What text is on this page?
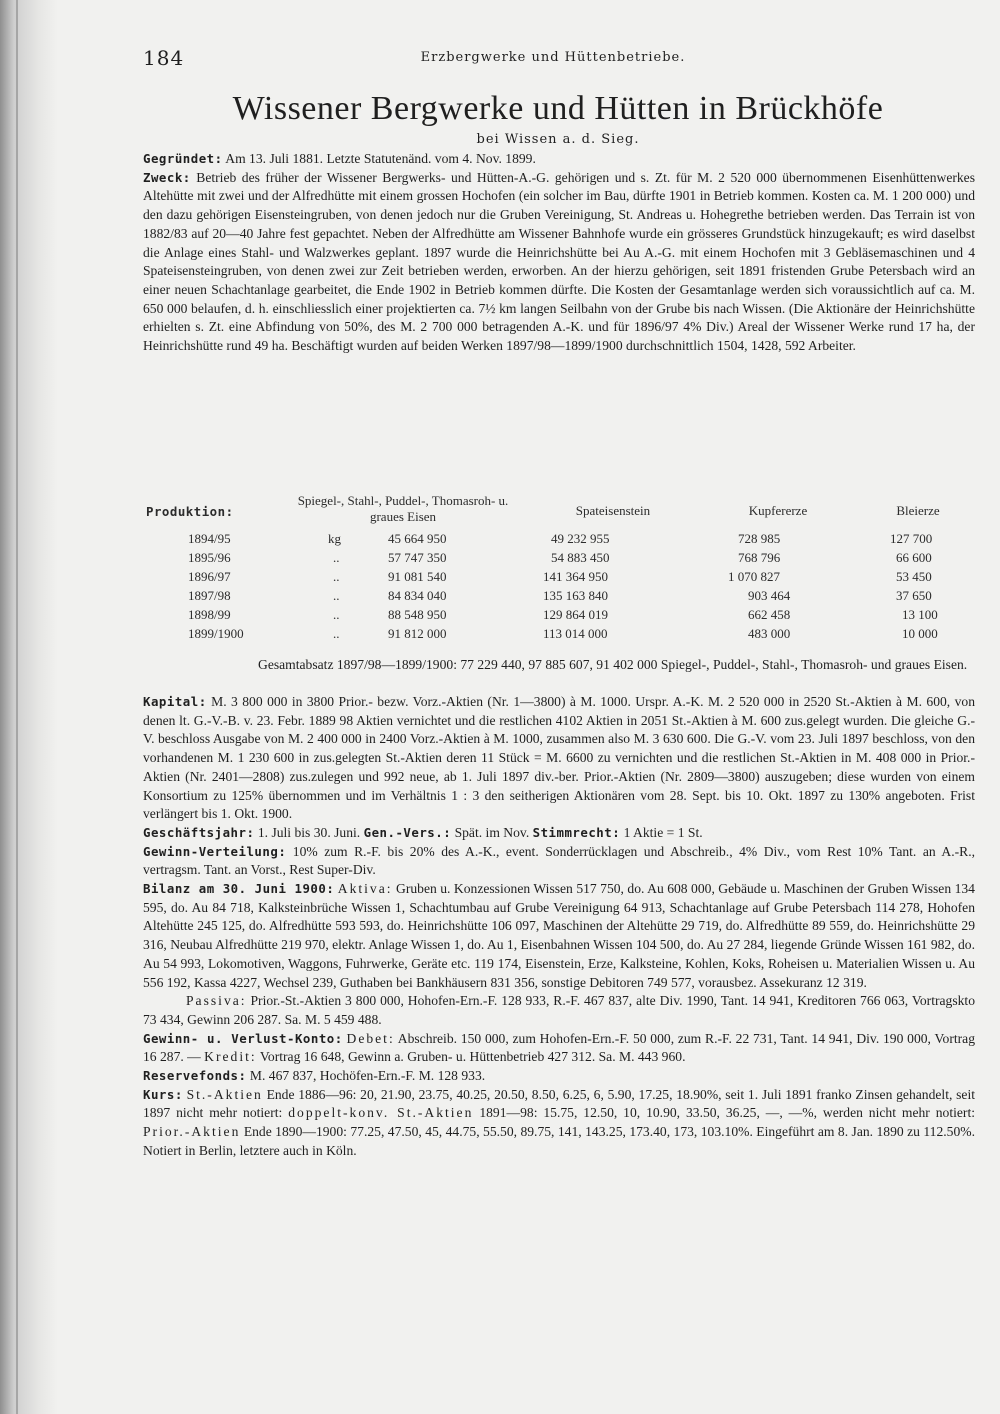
184	Erzbergwerke und Hüttenbetriebe.
Wissener Bergwerke und Hütten in Brückhöfe
bei Wissen a. d. Sieg.
Gegründet: Am 13. Juli 1881. Letzte Statutenänd. vom 4. Nov. 1899.
Zweck: Betrieb des früher der Wissener Bergwerks- und Hütten-A.-G. gehörigen und s. Zt. für M. 2 520 000 übernommenen Eisenhüttenwerkes Altehütte mit zwei und der Alfredhütte mit einem grossen Hochofen (ein solcher im Bau, dürfte 1901 in Betrieb kommen. Kosten ca. M. 1 200 000) und den dazu gehörigen Eisensteingruben, von denen jedoch nur die Gruben Vereinigung, St. Andreas u. Hohegrethe betrieben werden. Das Terrain ist von 1882/83 auf 20—40 Jahre fest gepachtet. Neben der Alfredhütte am Wissener Bahnhofe wurde ein grösseres Grundstück hinzugekauft; es wird daselbst die Anlage eines Stahl- und Walzwerkes geplant. 1897 wurde die Heinrichshütte bei Au A.-G. mit einem Hochofen mit 3 Gebläsemaschinen und 4 Spateisensteingruben, von denen zwei zur Zeit betrieben werden, erworben. An der hierzu gehörigen, seit 1891 fristenden Grube Petersbach wird an einer neuen Schachtanlage gearbeitet, die Ende 1902 in Betrieb kommen dürfte. Die Kosten der Gesamtanlage werden sich voraussichtlich auf ca. M. 650 000 belaufen, d. h. einschliesslich einer projektierten ca. 7½ km langen Seilbahn von der Grube bis nach Wissen. (Die Aktionäre der Heinrichshütte erhielten s. Zt. eine Abfindung von 50%, des M. 2 700 000 betragenden A.-K. und für 1896/97 4% Div.) Areal der Wissener Werke rund 17 ha, der Heinrichshütte rund 49 ha. Beschäftigt wurden auf beiden Werken 1897/98—1899/1900 durchschnittlich 1504, 1428, 592 Arbeiter.
Produktion:
Spiegel-, Stahl-, Puddel-, Thomasroh- u. graues Eisen	Spateisenstein	Kupfererze	Bleierze
1894/95	kg	45 664 950	49 232 955	728 985	127 700
1895/96	..	57 747 350	54 883 450	768 796	66 600
1896/97	..	91 081 540	141 364 950	1 070 827	53 450
1897/98	..	84 834 040	135 163 840	903 464	37 650
1898/99	..	88 548 950	129 864 019	662 458	13 100
1899/1900	..	91 812 000	113 014 000	483 000	10 000
Gesamtabsatz 1897/98—1899/1900: 77 229 440, 97 885 607, 91 402 000 Spiegel-, Puddel-, Stahl-, Thomasroh- und graues Eisen.
Kapital: M. 3 800 000 in 3800 Prior.- bezw. Vorz.-Aktien (Nr. 1—3800) à M. 1000. Urspr. A.-K. M. 2 520 000 in 2520 St.-Aktien à M. 600, von denen lt. G.-V.-B. v. 23. Febr. 1889 98 Aktien vernichtet und die restlichen 4102 Aktien in 2051 St.-Aktien à M. 600 zus.gelegt wurden. Die gleiche G.-V. beschloss Ausgabe von M. 2 400 000 in 2400 Vorz.-Aktien à M. 1000, zusammen also M. 3 630 600. Die G.-V. vom 23. Juli 1897 beschloss, von den vorhandenen M. 1 230 600 in zus.gelegten St.-Aktien deren 11 Stück = M. 6600 zu vernichten und die restlichen St.-Aktien in M. 408 000 in Prior.-Aktien (Nr. 2401—2808) zus.zulegen und 992 neue, ab 1. Juli 1897 div.-ber. Prior.-Aktien (Nr. 2809—3800) auszugeben; diese wurden von einem Konsortium zu 125% übernommen und im Verhältnis 1 : 3 den seitherigen Aktionären vom 28. Sept. bis 10. Okt. 1897 zu 130% angeboten. Frist verlängert bis 1. Okt. 1900.
Geschäftsjahr: 1. Juli bis 30. Juni. Gen.-Vers.: Spät. im Nov. Stimmrecht: 1 Aktie = 1 St.
Gewinn-Verteilung: 10% zum R.-F. bis 20% des A.-K., event. Sonderrücklagen und Abschreib., 4% Div., vom Rest 10% Tant. an A.-R., vertragsm. Tant. an Vorst., Rest Super-Div.
Bilanz am 30. Juni 1900: Aktiva: Gruben u. Konzessionen Wissen 517 750, do. Au 608 000, Gebäude u. Maschinen der Gruben Wissen 134 595, do. Au 84 718, Kalksteinbrüche Wissen 1, Schachtumbau auf Grube Vereinigung 64 913, Schachtanlage auf Grube Petersbach 114 278, Hohofen Altehütte 245 125, do. Alfredhütte 593 593, do. Heinrichshütte 106 097, Maschinen der Altehütte 29 719, do. Alfredhütte 89 559, do. Heinrichshütte 29 316, Neubau Alfredhütte 219 970, elektr. Anlage Wissen 1, do. Au 1, Eisenbahnen Wissen 104 500, do. Au 27 284, liegende Gründe Wissen 161 982, do. Au 54 993, Lokomotiven, Waggons, Fuhrwerke, Geräte etc. 119 174, Eisenstein, Erze, Kalksteine, Kohlen, Koks, Roheisen u. Materialien Wissen u. Au 556 192, Kassa 4227, Wechsel 239, Guthaben bei Bankhäusern 831 356, sonstige Debitoren 749 577, vorausbez. Assekuranz 12 319.
Passiva: Prior.-St.-Aktien 3 800 000, Hohofen-Ern.-F. 128 933, R.-F. 467 837, alte Div. 1990, Tant. 14 941, Kreditoren 766 063, Vortragskto 73 434, Gewinn 206 287. Sa. M. 5 459 488.
Gewinn- u. Verlust-Konto: Debet: Abschreib. 150 000, zum Hohofen-Ern.-F. 50 000, zum R.-F. 22 731, Tant. 14 941, Div. 190 000, Vortrag 16 287. — Kredit: Vortrag 16 648, Gewinn a. Gruben- u. Hüttenbetrieb 427 312. Sa. M. 443 960.
Reservefonds: M. 467 837, Hochöfen-Ern.-F. M. 128 933.
Kurs: St.-Aktien Ende 1886—96: 20, 21.90, 23.75, 40.25, 20.50, 8.50, 6.25, 6, 5.90, 17.25, 18.90%, seit 1. Juli 1891 franko Zinsen gehandelt, seit 1897 nicht mehr notiert: doppelt-konv. St.-Aktien 1891—98: 15.75, 12.50, 10, 10.90, 33.50, 36.25, —, —%, werden nicht mehr notiert: Prior.-Aktien Ende 1890—1900: 77.25, 47.50, 45, 44.75, 55.50, 89.75, 141, 143.25, 173.40, 173, 103.10%. Eingeführt am 8. Jan. 1890 zu 112.50%. Notiert in Berlin, letztere auch in Köln.
